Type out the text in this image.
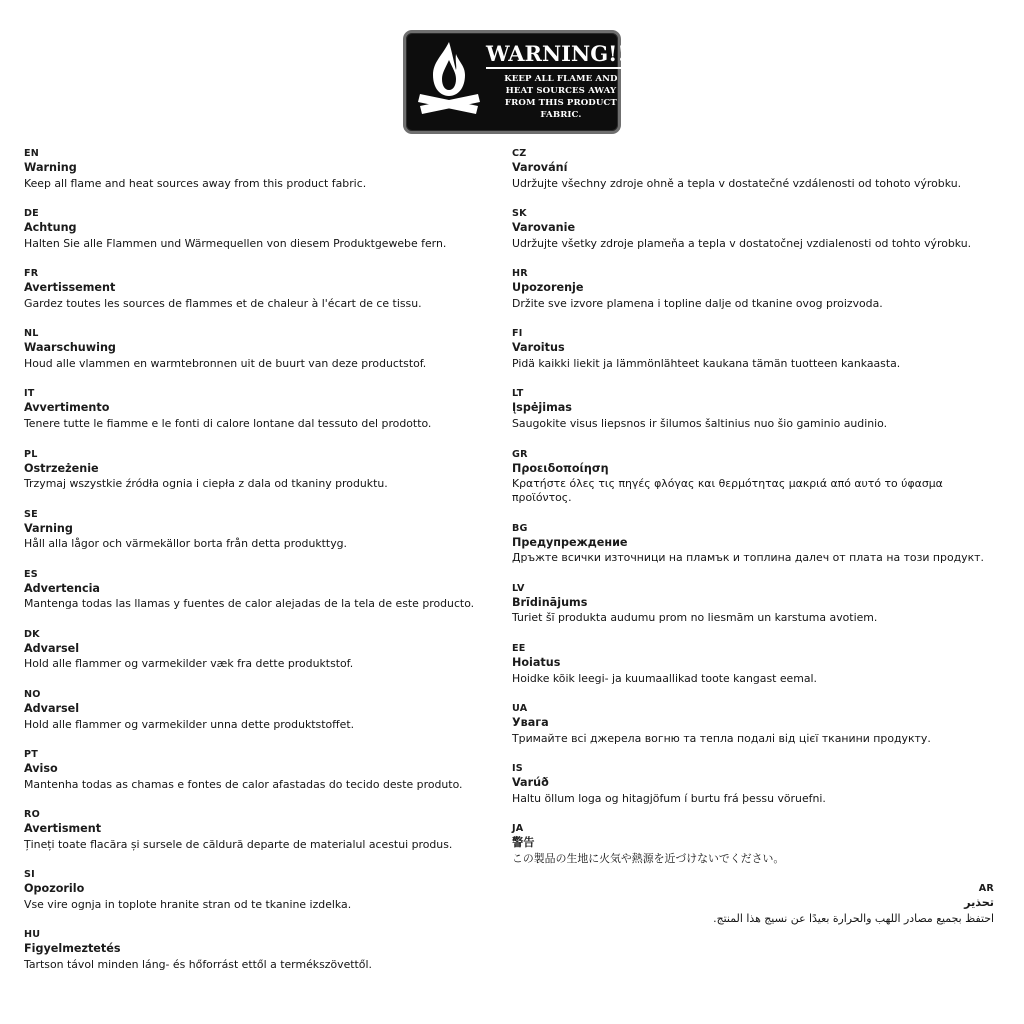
WARNING!!!
KEEP ALL FLAME AND
HEAT SOURCES AWAY
FROM THIS PRODUCT
FABRIC.
EN
Warning
Keep all flame and heat sources away from this product fabric.
DE
Achtung
Halten Sie alle Flammen und Wärmequellen von diesem Produktgewebe fern.
FR
Avertissement
Gardez toutes les sources de flammes et de chaleur à l'écart de ce tissu.
NL
Waarschuwing
Houd alle vlammen en warmtebronnen uit de buurt van deze productstof.
IT
Avvertimento
Tenere tutte le fiamme e le fonti di calore lontane dal tessuto del prodotto.
PL
Ostrzeżenie
Trzymaj wszystkie źródła ognia i ciepła z dala od tkaniny produktu.
SE
Varning
Håll alla lågor och värmekällor borta från detta produkttyg.
ES
Advertencia
Mantenga todas las llamas y fuentes de calor alejadas de la tela de este producto.
DK
Advarsel
Hold alle flammer og varmekilder væk fra dette produktstof.
NO
Advarsel
Hold alle flammer og varmekilder unna dette produktstoffet.
PT
Aviso
Mantenha todas as chamas e fontes de calor afastadas do tecido deste produto.
RO
Avertisment
Țineți toate flacăra și sursele de căldură departe de materialul acestui produs.
SI
Opozorilo
Vse vire ognja in toplote hranite stran od te tkanine izdelka.
HU
Figyelmeztetés
Tartson távol minden láng- és hőforrást ettől a termékszövettől.
CZ
Varování
Udržujte všechny zdroje ohně a tepla v dostatečné vzdálenosti od tohoto výrobku.
SK
Varovanie
Udržujte všetky zdroje plameňa a tepla v dostatočnej vzdialenosti od tohto výrobku.
HR
Upozorenje
Držite sve izvore plamena i topline dalje od tkanine ovog proizvoda.
FI
Varoitus
Pidä kaikki liekit ja lämmönlähteet kaukana tämän tuotteen kankaasta.
LT
Įspėjimas
Saugokite visus liepsnos ir šilumos šaltinius nuo šio gaminio audinio.
GR
Προειδοποίηση
Κρατήστε όλες τις πηγές φλόγας και θερμότητας μακριά από αυτό το ύφασμα προϊόντος.
BG
Предупреждение
Дръжте всички източници на пламък и топлина далеч от плата на този продукт.
LV
Brīdinājums
Turiet šī produkta audumu prom no liesmām un karstuma avotiem.
EE
Hoiatus
Hoidke kõik leegi- ja kuumaallikad toote kangast eemal.
UA
Увага
Тримайте всі джерела вогню та тепла подалі від цієї тканини продукту.
IS
Varúð
Haltu öllum loga og hitagjöfum í burtu frá þessu vöruefni.
JA
警告
この製品の生地に火気や熱源を近づけないでください。
AR
تحذير
احتفظ بجميع مصادر اللهب والحرارة بعيدًا عن نسيج هذا المنتج.
